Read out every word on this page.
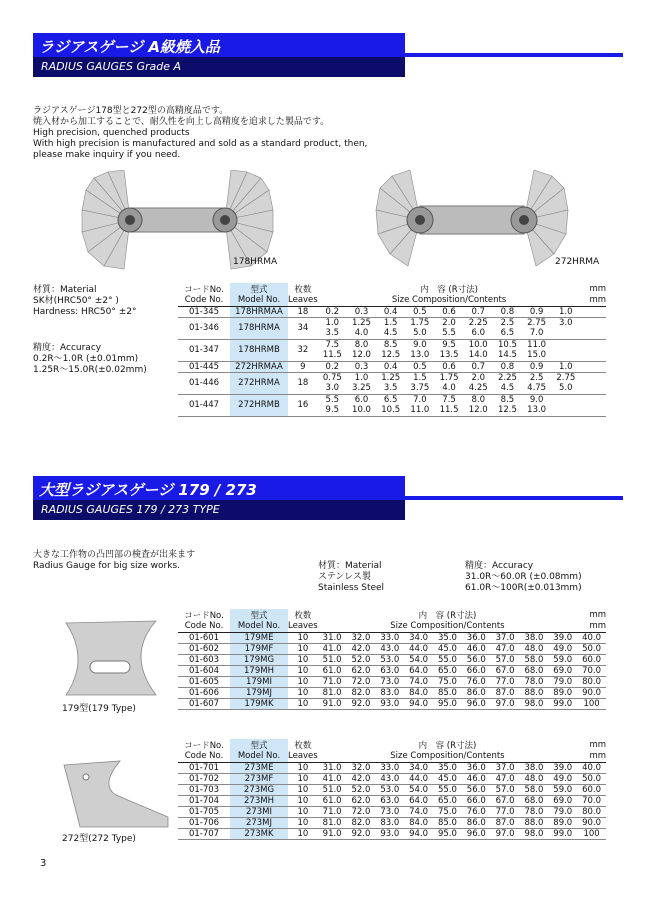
ラジアスゲージ A級焼入品
RADIUS GAUGES Grade A
ラジアスゲージ178型と272型の高精度品です。
焼入材から加工することで、耐久性を向上し高精度を追求した製品です。
High precision, quenched products
With high precision is manufactured and sold as a standard product, then,
please make inquiry if you need.
178HRMA	272HRMA
材質：Material
SK材(HRC50° ±2° )
Hardness: HRC50° ±2°
精度：Accuracy
0.2R～1.0R (±0.01mm)
1.25R～15.0R(±0.02mm)
コードNo.	型式	枚数	内　容 (R寸法)									mm
Code No.	Model No.	Leaves	Size Composition/Contents									mm
01-345	178HRMAA	18	0.2	0.3	0.4	0.5	0.6	0.7	0.8	0.9	1.0	
01-346	178HRMA	34	1.0	1.25	1.5	1.75	2.0	2.25	2.5	2.75	3.0	
			3.5	4.0	4.5	5.0	5.5	6.0	6.5	7.0		
01-347	178HRMB	32	7.5	8.0	8.5	9.0	9.5	10.0	10.5	11.0		
			11.5	12.0	12.5	13.0	13.5	14.0	14.5	15.0		
01-445	272HRMAA	9	0.2	0.3	0.4	0.5	0.6	0.7	0.8	0.9	1.0	
01-446	272HRMA	18	0.75	1.0	1.25	1.5	1.75	2.0	2.25	2.5	2.75	
			3.0	3.25	3.5	3.75	4.0	4.25	4.5	4.75	5.0	
01-447	272HRMB	16	5.5	6.0	6.5	7.0	7.5	8.0	8.5	9.0		
			9.5	10.0	10.5	11.0	11.5	12.0	12.5	13.0		
大型ラジアスゲージ 179 / 273
RADIUS GAUGES 179 / 273 TYPE
大きな工作物の凸凹部の検査が出来ます
Radius Gauge for big size works.	材質：Material
ステンレス製
Stainless Steel
精度：Accuracy
31.0R～60.0R (±0.08mm)
61.0R～100R(±0.013mm)
179型(179 Type)
272型(272 Type)
コードNo.	型式	枚数	内　容 (R寸法)									mm
Code No.	Model No.	Leaves	Size Composition/Contents									mm
01-601	179ME	10	31.0	32.0	33.0	34.0	35.0	36.0	37.0	38.0	39.0	40.0
01-602	179MF	10	41.0	42.0	43.0	44.0	45.0	46.0	47.0	48.0	49.0	50.0
01-603	179MG	10	51.0	52.0	53.0	54.0	55.0	56.0	57.0	58.0	59.0	60.0
01-604	179MH	10	61.0	62.0	63.0	64.0	65.0	66.0	67.0	68.0	69.0	70.0
01-605	179MI	10	71.0	72.0	73.0	74.0	75.0	76.0	77.0	78.0	79.0	80.0
01-606	179MJ	10	81.0	82.0	83.0	84.0	85.0	86.0	87.0	88.0	89.0	90.0
01-607	179MK	10	91.0	92.0	93.0	94.0	95.0	96.0	97.0	98.0	99.0	100
コードNo.	型式	枚数	内　容 (R寸法)									mm
Code No.	Model No.	Leaves	Size Composition/Contents									mm
01-701	273ME	10	31.0	32.0	33.0	34.0	35.0	36.0	37.0	38.0	39.0	40.0
01-702	273MF	10	41.0	42.0	43.0	44.0	45.0	46.0	47.0	48.0	49.0	50.0
01-703	273MG	10	51.0	52.0	53.0	54.0	55.0	56.0	57.0	58.0	59.0	60.0
01-704	273MH	10	61.0	62.0	63.0	64.0	65.0	66.0	67.0	68.0	69.0	70.0
01-705	273MI	10	71.0	72.0	73.0	74.0	75.0	76.0	77.0	78.0	79.0	80.0
01-706	273MJ	10	81.0	82.0	83.0	84.0	85.0	86.0	87.0	88.0	89.0	90.0
01-707	273MK	10	91.0	92.0	93.0	94.0	95.0	96.0	97.0	98.0	99.0	100
3
